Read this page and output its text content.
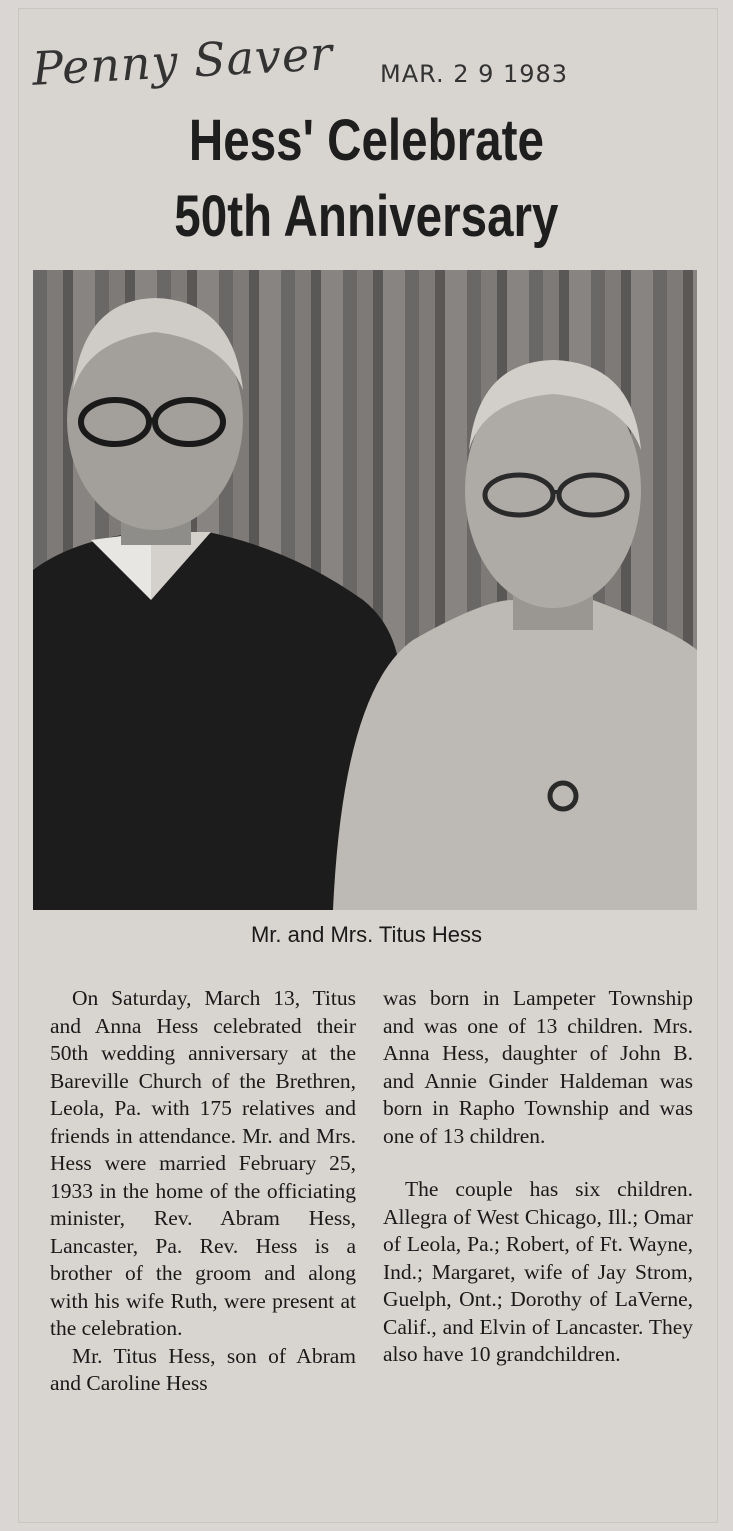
Penny Saver MAR. 2 9 1983
Hess' Celebrate
50th Anniversary
Mr. and Mrs. Titus Hess

On Saturday, March 13, Titus and Anna Hess celebrated their 50th wedding anniversary at the Bareville Church of the Brethren, Leola, Pa. with 175 relatives and friends in attendance. Mr. and Mrs. Hess were married February 25, 1933 in the home of the officiating minister, Rev. Abram Hess, Lancaster, Pa. Rev. Hess is a brother of the groom and along with his wife Ruth, were present at the celebration.

Mr. Titus Hess, son of Abram and Caroline Hess

was born in Lampeter Township and was one of 13 children. Mrs. Anna Hess, daughter of John B. and Annie Ginder Haldeman was born in Rapho Township and was one of 13 children.

The couple has six children. Allegra of West Chicago, Ill.; Omar of Leola, Pa.; Robert, of Ft. Wayne, Ind.; Margaret, wife of Jay Strom, Guelph, Ont.; Dorothy of LaVerne, Calif., and Elvin of Lancaster. They also have 10 grandchildren.
